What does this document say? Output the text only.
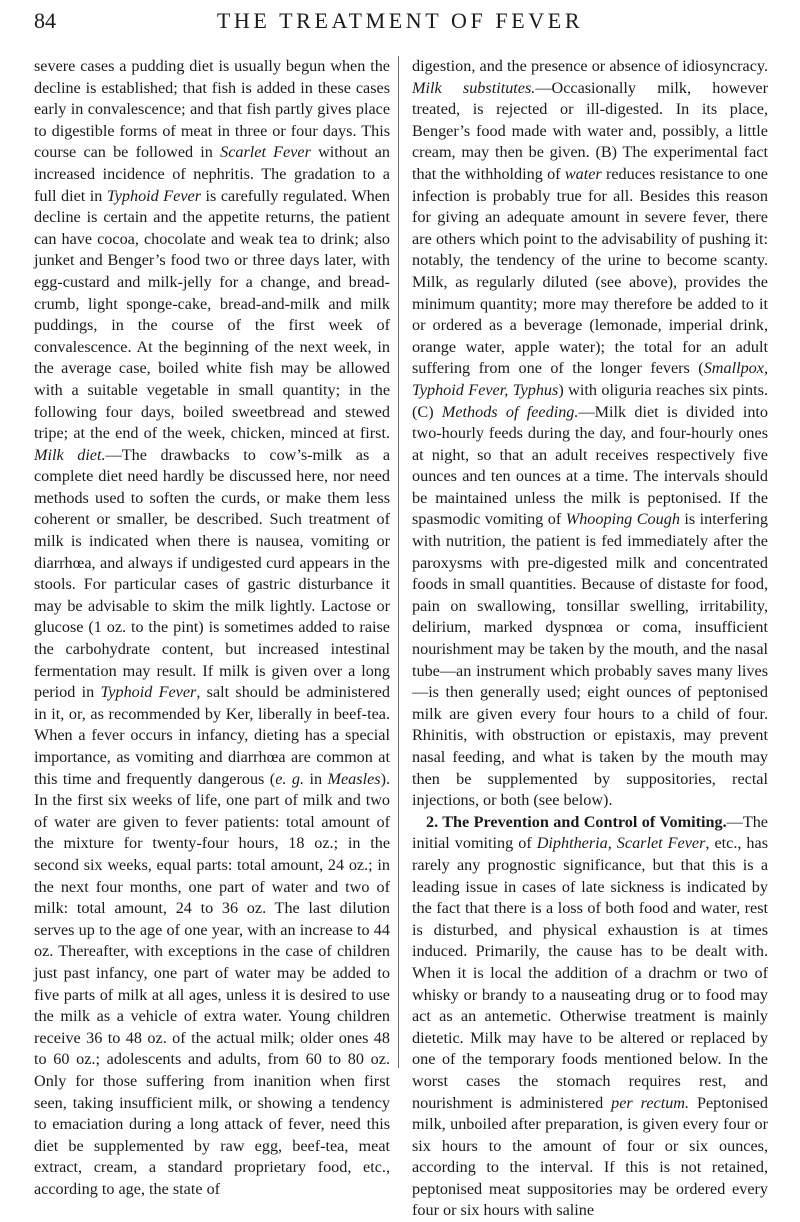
84	THE TREATMENT OF FEVER

severe cases a pudding diet is usually begun when the decline is established; that fish is added in these cases early in convalescence; and that fish partly gives place to digestible forms of meat in three or four days. This course can be followed in Scarlet Fever without an increased incidence of nephritis. The gradation to a full diet in Typhoid Fever is carefully regulated. When decline is certain and the appetite returns, the patient can have cocoa, chocolate and weak tea to drink; also junket and Benger’s food two or three days later, with egg-custard and milk-jelly for a change, and bread-crumb, light sponge-cake, bread-and-milk and milk puddings, in the course of the first week of convalescence. At the beginning of the next week, in the average case, boiled white fish may be allowed with a suitable vegetable in small quantity; in the following four days, boiled sweetbread and stewed tripe; at the end of the week, chicken, minced at first. Milk diet.—The drawbacks to cow’s-milk as a complete diet need hardly be discussed here, nor need methods used to soften the curds, or make them less coherent or smaller, be described. Such treatment of milk is indicated when there is nausea, vomiting or diarrhœa, and always if undigested curd appears in the stools. For particular cases of gastric disturbance it may be advisable to skim the milk lightly. Lactose or glucose (1 oz. to the pint) is sometimes added to raise the carbohydrate content, but increased intestinal fermentation may result. If milk is given over a long period in Typhoid Fever, salt should be administered in it, or, as recommended by Ker, liberally in beef-tea. When a fever occurs in infancy, dieting has a special importance, as vomiting and diarrhœa are common at this time and frequently dangerous (e. g. in Measles). In the first six weeks of life, one part of milk and two of water are given to fever patients: total amount of the mixture for twenty-four hours, 18 oz.; in the second six weeks, equal parts: total amount, 24 oz.; in the next four months, one part of water and two of milk: total amount, 24 to 36 oz. The last dilution serves up to the age of one year, with an increase to 44 oz. Thereafter, with exceptions in the case of children just past infancy, one part of water may be added to five parts of milk at all ages, unless it is desired to use the milk as a vehicle of extra water. Young children receive 36 to 48 oz. of the actual milk; older ones 48 to 60 oz.; adolescents and adults, from 60 to 80 oz. Only for those suffering from inanition when first seen, taking insufficient milk, or showing a tendency to emaciation during a long attack of fever, need this diet be supplemented by raw egg, beef-tea, meat extract, cream, a standard proprietary food, etc., according to age, the state of

digestion, and the presence or absence of idiosyncracy. Milk substitutes.—Occasionally milk, however treated, is rejected or ill-digested. In its place, Benger’s food made with water and, possibly, a little cream, may then be given. (B) The experimental fact that the withholding of water reduces resistance to one infection is probably true for all. Besides this reason for giving an adequate amount in severe fever, there are others which point to the advisability of pushing it: notably, the tendency of the urine to become scanty. Milk, as regularly diluted (see above), provides the minimum quantity; more may therefore be added to it or ordered as a beverage (lemonade, imperial drink, orange water, apple water); the total for an adult suffering from one of the longer fevers (Smallpox, Typhoid Fever, Typhus) with oliguria reaches six pints. (C) Methods of feeding.—Milk diet is divided into two-hourly feeds during the day, and four-hourly ones at night, so that an adult receives respectively five ounces and ten ounces at a time. The intervals should be maintained unless the milk is peptonised. If the spasmodic vomiting of Whooping Cough is interfering with nutrition, the patient is fed immediately after the paroxysms with pre-digested milk and concentrated foods in small quantities. Because of distaste for food, pain on swallowing, tonsillar swelling, irritability, delirium, marked dyspnœa or coma, insufficient nourishment may be taken by the mouth, and the nasal tube—an instrument which probably saves many lives—is then generally used; eight ounces of peptonised milk are given every four hours to a child of four. Rhinitis, with obstruction or epistaxis, may prevent nasal feeding, and what is taken by the mouth may then be supplemented by suppositories, rectal injections, or both (see below).

2. The Prevention and Control of Vomiting.—The initial vomiting of Diphtheria, Scarlet Fever, etc., has rarely any prognostic significance, but that this is a leading issue in cases of late sickness is indicated by the fact that there is a loss of both food and water, rest is disturbed, and physical exhaustion is at times induced. Primarily, the cause has to be dealt with. When it is local the addition of a drachm or two of whisky or brandy to a nauseating drug or to food may act as an antemetic. Otherwise treatment is mainly dietetic. Milk may have to be altered or replaced by one of the temporary foods mentioned below. In the worst cases the stomach requires rest, and nourishment is administered per rectum. Peptonised milk, unboiled after preparation, is given every four or six hours to the amount of four or six ounces, according to the interval. If this is not retained, peptonised meat suppositories may be ordered every four or six hours with saline
